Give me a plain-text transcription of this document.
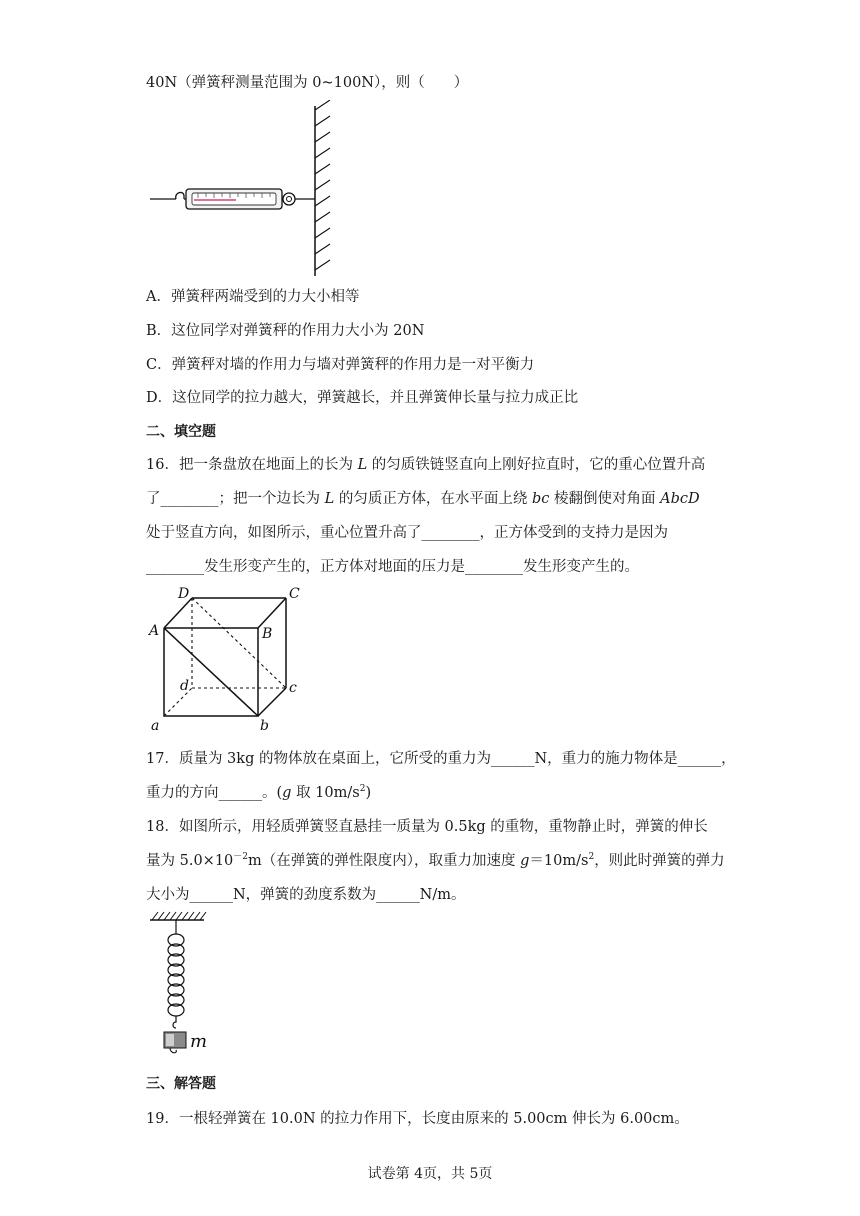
40N（弹簧秤测量范围为 0~100N），则（　　）
A．弹簧秤两端受到的力大小相等
B．这位同学对弹簧秤的作用力大小为 20N
C．弹簧秤对墙的作用力与墙对弹簧秤的作用力是一对平衡力
D．这位同学的拉力越大，弹簧越长，并且弹簧伸长量与拉力成正比
二、填空题
16．把一条盘放在地面上的长为 L 的匀质铁链竖直向上刚好拉直时，它的重心位置升高
了________；把一个边长为 L 的匀质正方体，在水平面上绕 bc 棱翻倒使对角面 AbcD
处于竖直方向，如图所示，重心位置升高了________，正方体受到的支持力是因为
________发生形变产生的，正方体对地面的压力是________发生形变产生的。
D	C
A	B
d	c
a	b
17．质量为 3kg 的物体放在桌面上，它所受的重力为______N，重力的施力物体是______，
重力的方向______。(g 取 $10m/s^2$)
18．如图所示，用轻质弹簧竖直悬挂一质量为 0.5kg 的重物，重物静止时，弹簧的伸长
量为 $5.0\times 10^{-2}m$（在弹簧的弹性限度内），取重力加速度 $g=10m/s^2$，则此时弹簧的弹力
大小为______N，弹簧的劲度系数为______N/m。
m
三、解答题
19．一根轻弹簧在 10.0N 的拉力作用下，长度由原来的 5.00cm 伸长为 6.00cm。
试卷第 4页，共 5页
